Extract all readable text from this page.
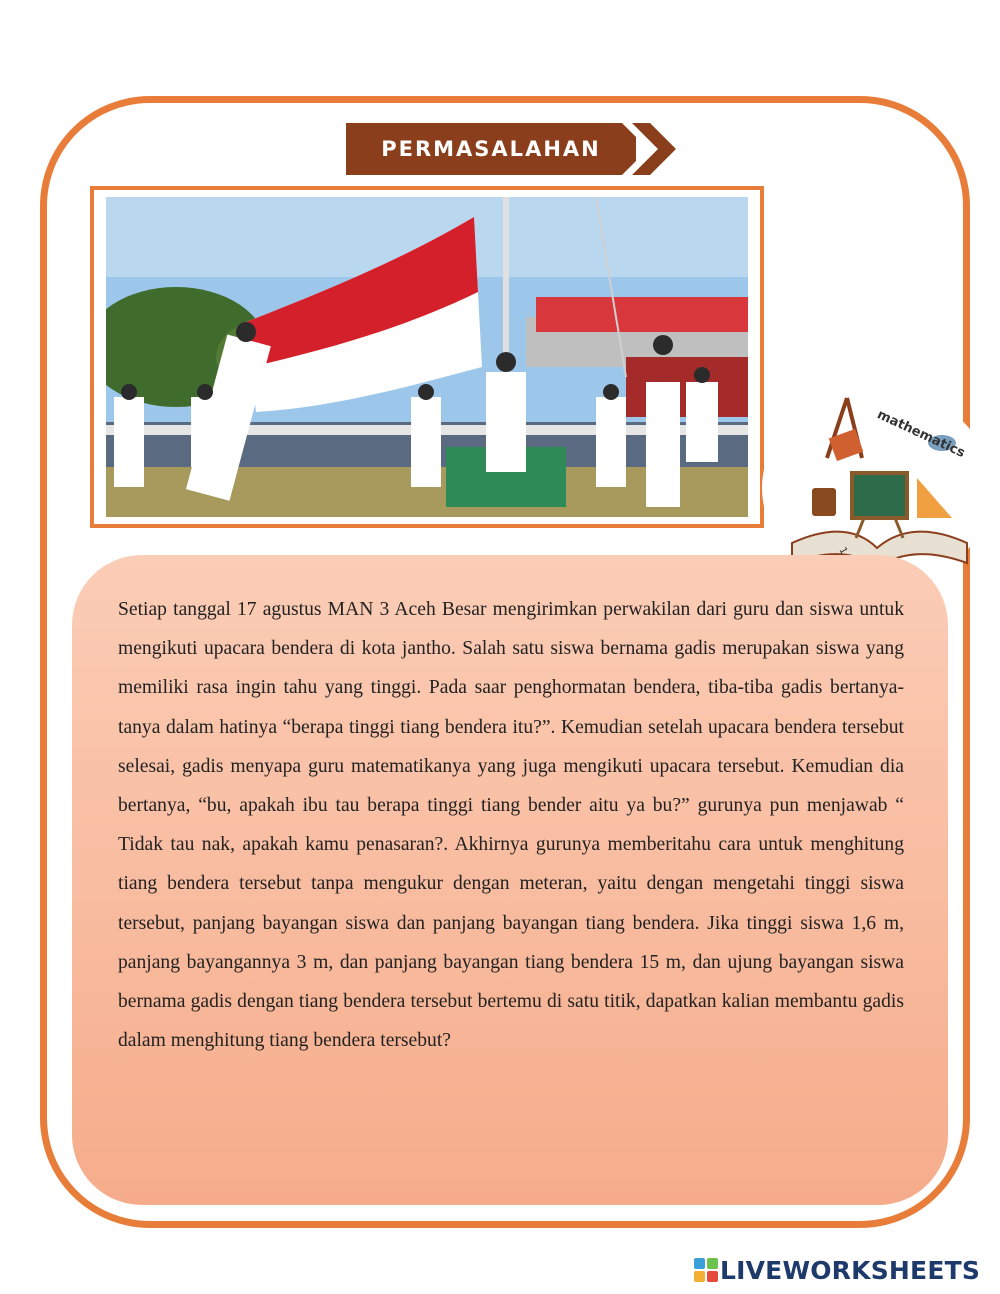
PERMASALAHAN
mathematics

Setiap tanggal 17 agustus MAN 3 Aceh Besar mengirimkan perwakilan dari guru dan siswa untuk mengikuti upacara bendera di kota jantho. Salah satu siswa bernama gadis merupakan siswa yang memiliki rasa ingin tahu yang tinggi. Pada saar penghormatan bendera, tiba-tiba gadis bertanya-tanya dalam hatinya “berapa tinggi tiang bendera itu?”. Kemudian setelah upacara bendera tersebut selesai, gadis menyapa guru matematikanya yang juga mengikuti upacara tersebut. Kemudian dia bertanya, “bu, apakah ibu tau berapa tinggi tiang bender aitu ya bu?” gurunya pun menjawab “ Tidak tau nak, apakah kamu penasaran?. Akhirnya gurunya memberitahu cara untuk menghitung tiang bendera tersebut tanpa mengukur dengan meteran, yaitu dengan mengetahi tinggi siswa tersebut, panjang bayangan siswa dan panjang bayangan tiang bendera. Jika tinggi siswa 1,6 m, panjang bayangannya 3 m, dan panjang bayangan tiang bendera 15 m, dan ujung bayangan siswa bernama gadis dengan tiang bendera tersebut bertemu di satu titik, dapatkan kalian membantu gadis dalam menghitung tiang bendera tersebut?

LIVEWORKSHEETS
